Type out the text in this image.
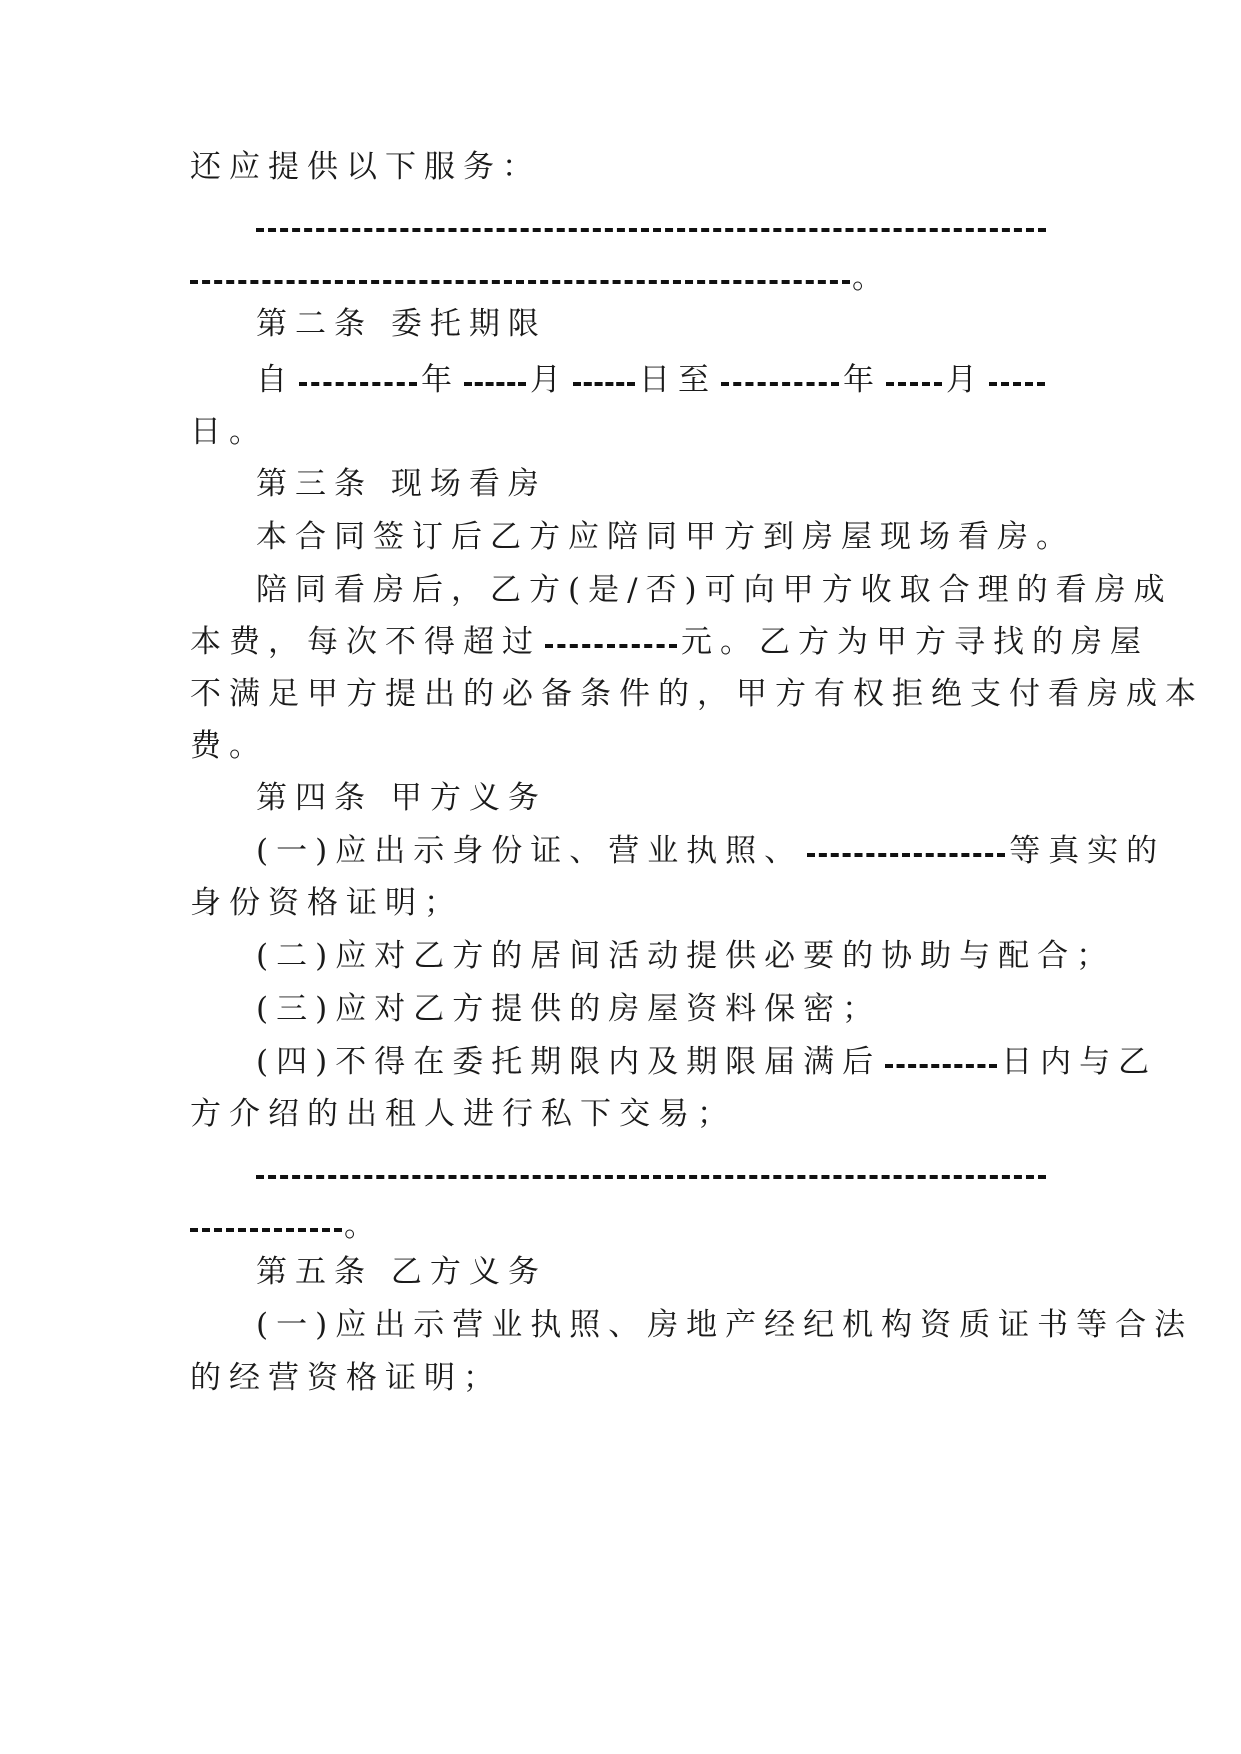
还应提供以下服务：
。
第二条 委托期限
自	年 月 日至	年 月
日。
第三条 现场看房
本合同签订后乙方应陪同甲方到房屋现场看房。
陪同看房后，乙方(是/否)可向甲方收取合理的看房成
本费，每次不得超过	元。乙方为甲方寻找的房屋
不满足甲方提出的必备条件的，甲方有权拒绝支付看房成本
费。
第四条 甲方义务
(一)应出示身份证、营业执照、	等真实的
身份资格证明；
(二)应对乙方的居间活动提供必要的协助与配合；
(三)应对乙方提供的房屋资料保密；
(四)不得在委托期限内及期限届满后	日内与乙
方介绍的出租人进行私下交易；
。
第五条 乙方义务
(一)应出示营业执照、房地产经纪机构资质证书等合法
的经营资格证明；
